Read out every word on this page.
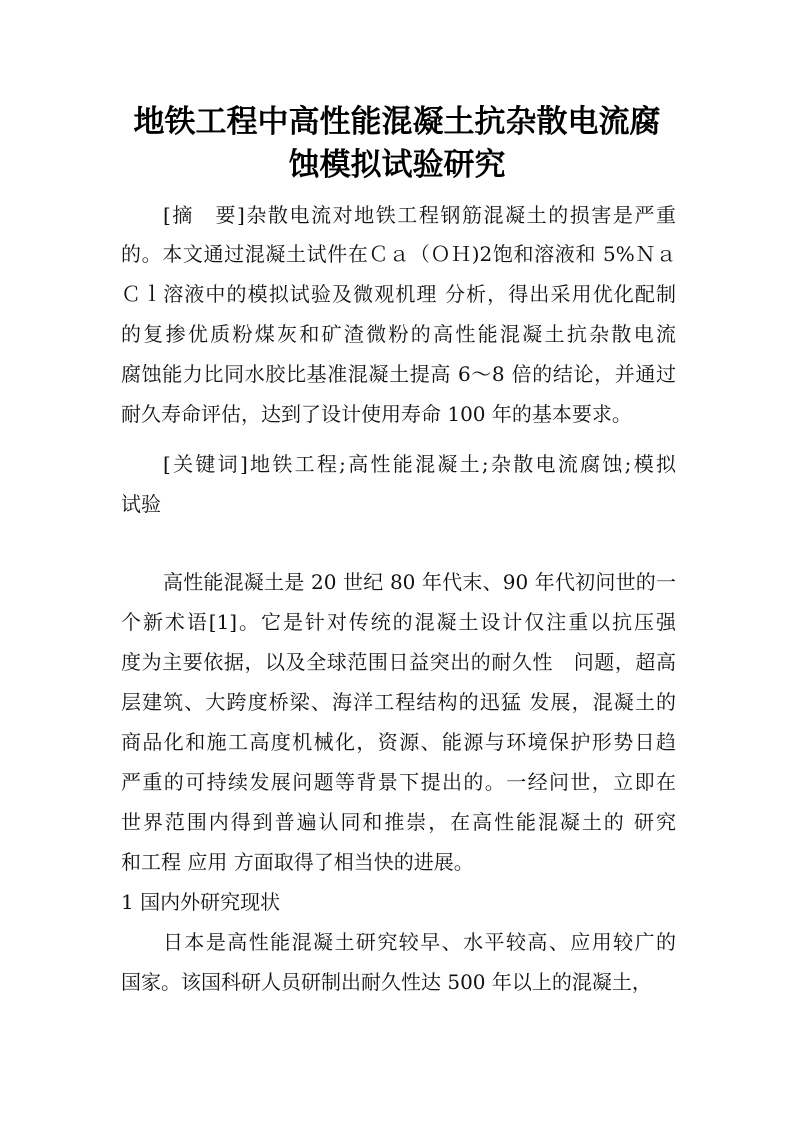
地铁工程中高性能混凝土抗杂散电流腐
蚀模拟试验研究
[摘　要]杂散电流对地铁工程钢筋混凝土的损害是严重
的。本文通过混凝土试件在Ｃａ（ＯＨ)2饱和溶液和 5%Ｎａ
Ｃｌ溶液中的模拟试验及微观机理 分析，得出采用优化配制
的复掺优质粉煤灰和矿渣微粉的高性能混凝土抗杂散电流
腐蚀能力比同水胶比基准混凝土提高 6～8 倍的结论，并通过
耐久寿命评估，达到了设计使用寿命 100 年的基本要求。
[关键词]地铁工程;高性能混凝土;杂散电流腐蚀;模拟
试验
高性能混凝土是 20 世纪 80 年代末、90 年代初问世的一
个新术语[1]。它是针对传统的混凝土设计仅注重以抗压强
度为主要依据，以及全球范围日益突出的耐久性　问题，超高
层建筑、大跨度桥梁、海洋工程结构的迅猛 发展，混凝土的
商品化和施工高度机械化，资源、能源与环境保护形势日趋
严重的可持续发展问题等背景下提出的。一经问世，立即在
世界范围内得到普遍认同和推崇，在高性能混凝土的 研究
和工程 应用 方面取得了相当快的进展。
1 国内外研究现状
日本是高性能混凝土研究较早、水平较高、应用较广的
国家。该国科研人员研制出耐久性达 500 年以上的混凝土，
